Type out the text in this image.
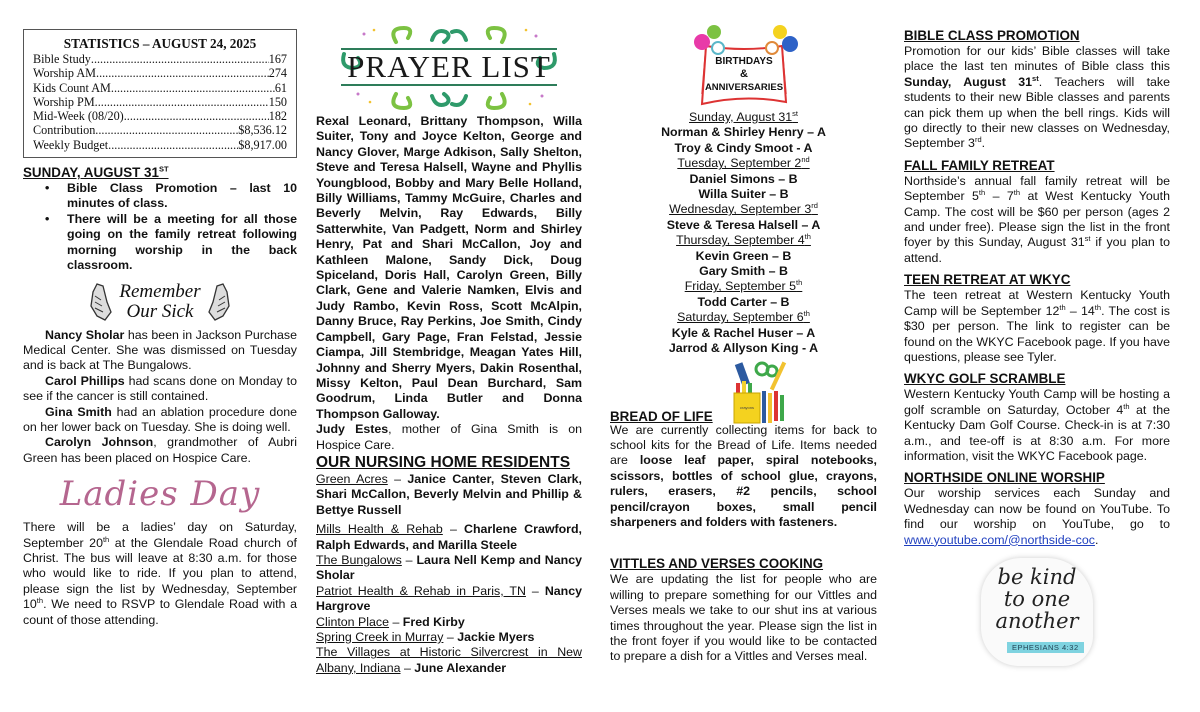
STATISTICS – AUGUST 24, 2025
Bible Study .....	167
Worship AM .....	274
Kids Count AM .....	61
Worship PM .....	150
Mid-Week (08/20) .....	182
Contribution .....	$8,536.12
Weekly Budget .....	$8,917.00
SUNDAY, AUGUST 31ST
• Bible Class Promotion – last 10 minutes of class.
• There will be a meeting for all those going on the family retreat following morning worship in the back classroom.
Remember
Our Sick

Nancy Sholar has been in Jackson Purchase Medical Center. She was dismissed on Tuesday and is back at The Bungalows.

Carol Phillips had scans done on Monday to see if the cancer is still contained.

Gina Smith had an ablation procedure done on her lower back on Tuesday. She is doing well.

Carolyn Johnson, grandmother of Aubri Green has been placed on Hospice Care.

Ladies Day

There will be a ladies’ day on Saturday, September 20th at the Glendale Road church of Christ. The bus will leave at 8:30 a.m. for those who would like to ride. If you plan to attend, please sign the list by Wednesday, September 10th. We need to RSVP to Glendale Road with a count of those attending.

PRAYER LIST

Rexal Leonard, Brittany Thompson, Willa Suiter, Tony and Joyce Kelton, George and Nancy Glover, Marge Adkison, Sally Shelton, Steve and Teresa Halsell, Wayne and Phyllis Youngblood, Bobby and Mary Belle Holland, Billy Williams, Tammy McGuire, Charles and Beverly Melvin, Ray Edwards, Billy Satterwhite, Van Padgett, Norm and Shirley Henry, Pat and Shari McCallon, Joy and Kathleen Malone, Sandy Dick, Doug Spiceland, Doris Hall, Carolyn Green, Billy Clark, Gene and Valerie Namken, Elvis and Judy Rambo, Kevin Ross, Scott McAlpin, Danny Bruce, Ray Perkins, Joe Smith, Cindy Campbell, Gary Page, Fran Felstad, Jessie Ciampa, Jill Stembridge, Meagan Yates Hill, Johnny and Sherry Myers, Dakin Rosenthal, Missy Kelton, Paul Dean Burchard, Sam Goodrum, Linda Butler and Donna Thompson Galloway.

Judy Estes, mother of Gina Smith is on Hospice Care.

OUR NURSING HOME RESIDENTS

Green Acres – Janice Canter, Steven Clark, Shari McCallon, Beverly Melvin and Phillip & Bettye Russell

Mills Health & Rehab – Charlene Crawford, Ralph Edwards, and Marilla Steele

The Bungalows – Laura Nell Kemp and Nancy Sholar

Patriot Health & Rehab in Paris, TN – Nancy Hargrove

Clinton Place – Fred Kirby

Spring Creek in Murray – Jackie Myers

The Villages at Historic Silvercrest in New Albany, Indiana – June Alexander

BIRTHDAYS
&
ANNIVERSARIES
Sunday, August 31st
Norman & Shirley Henry – A
Troy & Cindy Smoot - A
Tuesday, September 2nd
Daniel Simons – B
Willa Suiter – B
Wednesday, September 3rd
Steve & Teresa Halsell – A
Thursday, September 4th
Kevin Green – B
Gary Smith – B
Friday, September 5th
Todd Carter – B
Saturday, September 6th
Kyle & Rachel Huser – A
Jarrod & Allyson King - A
BREAD OF LIFE
crayons

We are currently collecting items for back to school kits for the Bread of Life. Items needed are loose leaf paper, spiral notebooks, scissors, bottles of school glue, crayons, rulers, erasers, #2 pencils, school pencil/crayon boxes, small pencil sharpeners and folders with fasteners.

VITTLES AND VERSES COOKING

We are updating the list for people who are willing to prepare something for our Vittles and Verses meals we take to our shut ins at various times throughout the year. Please sign the list in the front foyer if you would like to be contacted to prepare a dish for a Vittles and Verses meal.

BIBLE CLASS PROMOTION

Promotion for our kids’ Bible classes will take place the last ten minutes of Bible class this Sunday, August 31st. Teachers will take students to their new Bible classes and parents can pick them up when the bell rings. Kids will go directly to their new classes on Wednesday, September 3rd.

FALL FAMILY RETREAT

Northside’s annual fall family retreat will be September 5th – 7th at West Kentucky Youth Camp. The cost will be $60 per person (ages 2 and under free). Please sign the list in the front foyer by this Sunday, August 31st if you plan to attend.

TEEN RETREAT AT WKYC

The teen retreat at Western Kentucky Youth Camp will be September 12th – 14th. The cost is $30 per person. The link to register can be found on the WKYC Facebook page. If you have questions, please see Tyler.

WKYC GOLF SCRAMBLE

Western Kentucky Youth Camp will be hosting a golf scramble on Saturday, October 4th at the Kentucky Dam Golf Course. Check-in is at 7:30 a.m., and tee-off is at 8:30 a.m. For more information, visit the WKYC Facebook page.

NORTHSIDE ONLINE WORSHIP

Our worship services each Sunday and Wednesday can now be found on YouTube. To find our worship on YouTube, go to www.youtube.com/@northside-coc.

be kind
to one
another
EPHESIANS 4:32
